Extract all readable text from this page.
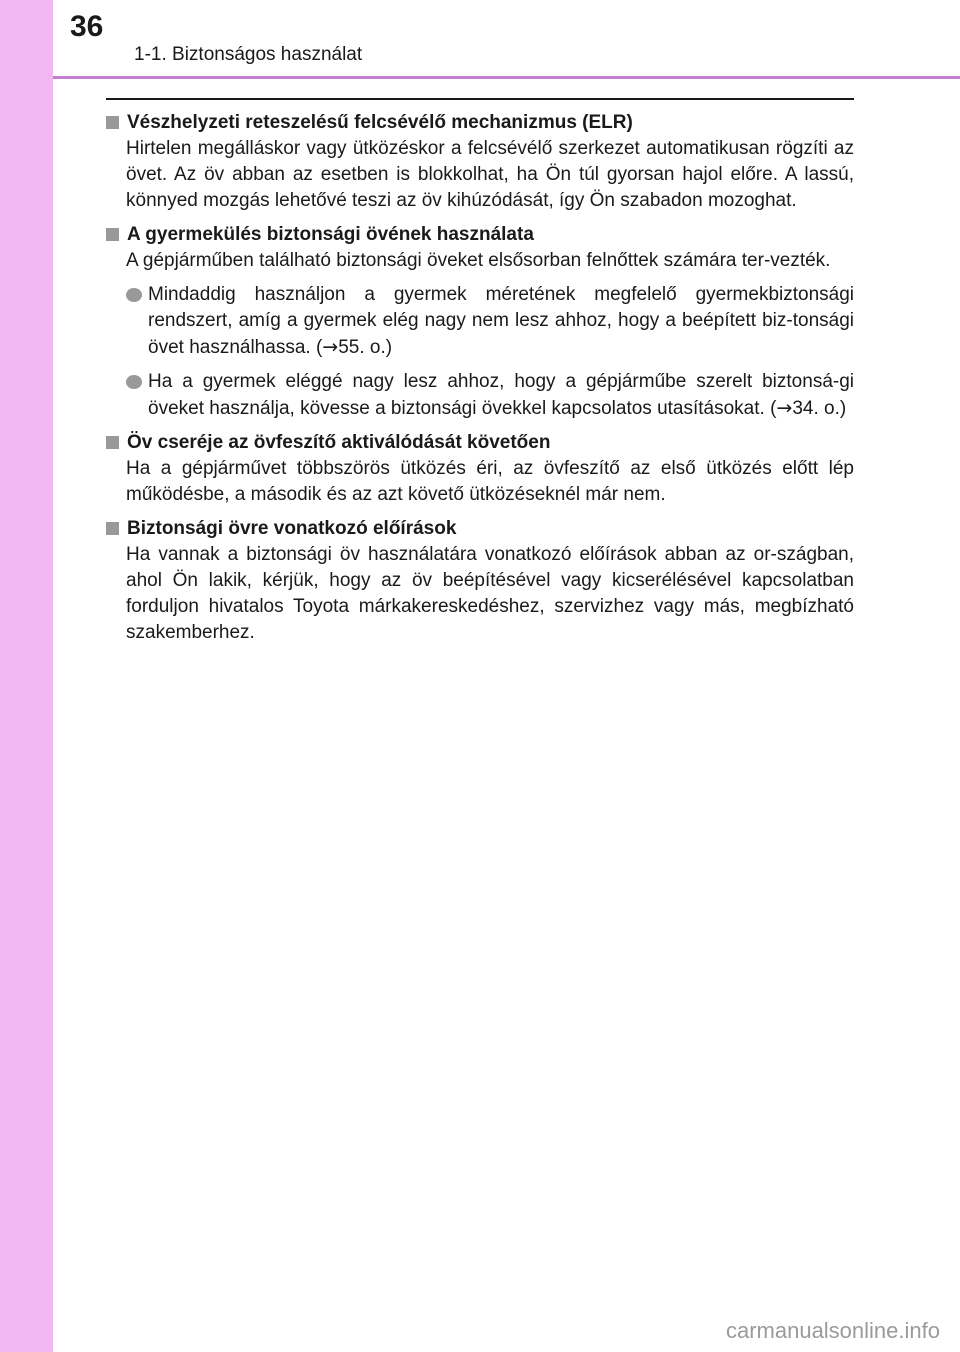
36
1-1. Biztonságos használat
Vészhelyzeti reteszelésű felcsévélő mechanizmus (ELR)
Hirtelen megálláskor vagy ütközéskor a felcsévélő szerkezet automatikusan rögzíti az övet. Az öv abban az esetben is blokkolhat, ha Ön túl gyorsan hajol előre. A lassú, könnyed mozgás lehetővé teszi az öv kihúzódását, így Ön szabadon mozoghat.
A gyermekülés biztonsági övének használata
A gépjárműben található biztonsági öveket elsősorban felnőttek számára ter-vezték.
Mindaddig használjon a gyermek méretének megfelelő gyermekbiztonsági rendszert, amíg a gyermek elég nagy nem lesz ahhoz, hogy a beépített biz-tonsági övet használhassa. (→55. o.)
Ha a gyermek eléggé nagy lesz ahhoz, hogy a gépjárműbe szerelt biztonsá-gi öveket használja, kövesse a biztonsági övekkel kapcsolatos utasításokat. (→34. o.)
Öv cseréje az övfeszítő aktiválódását követően
Ha a gépjárművet többszörös ütközés éri, az övfeszítő az első ütközés előtt lép működésbe, a második és az azt követő ütközéseknél már nem.
Biztonsági övre vonatkozó előírások
Ha vannak a biztonsági öv használatára vonatkozó előírások abban az or-szágban, ahol Ön lakik, kérjük, hogy az öv beépítésével vagy kicserélésével kapcsolatban forduljon hivatalos Toyota márkakereskedéshez, szervizhez vagy más, megbízható szakemberhez.
carmanualsonline.info
